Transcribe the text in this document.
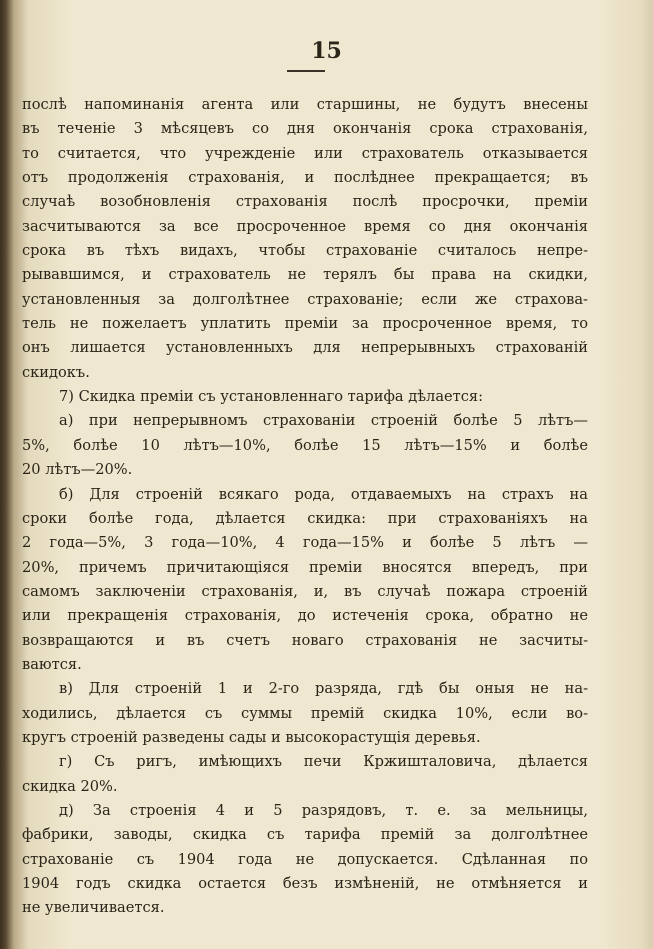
15
послѣ напоминанія агента или старшины, не будутъ внесены
въ теченіе 3 мѣсяцевъ со дня окончанія срока страхованія,
то считается, что учрежденіе или страхователь отказывается
отъ продолженія страхованія, и послѣднее прекращается; въ
случаѣ возобновленія страхованія послѣ просрочки, преміи
засчитываются за все просроченное время со дня окончанія
срока въ тѣхъ видахъ, чтобы страхованіе считалось непре-
рывавшимся, и страхователь не терялъ бы права на скидки,
установленныя за долголѣтнее страхованіе; если же страхова-
тель не пожелаетъ уплатить преміи за просроченное время, то
онъ лишается установленныхъ для непрерывныхъ страхованій
скидокъ.
7) Скидка преміи съ установленнаго тарифа дѣлается:
а) при непрерывномъ страхованіи строеній болѣе 5 лѣтъ—
5%, болѣе 10 лѣтъ—10%, болѣе 15 лѣтъ—15% и болѣе
20 лѣтъ—20%.
б) Для строеній всякаго рода, отдаваемыхъ на страхъ на
сроки болѣе года, дѣлается скидка: при страхованіяхъ на
2 года—5%, 3 года—10%, 4 года—15% и болѣе 5 лѣтъ —
20%, причемъ причитающіяся преміи вносятся впередъ, при
самомъ заключеніи страхованія, и, въ случаѣ пожара строеній
или прекращенія страхованія, до истеченія срока, обратно не
возвращаются и въ счетъ новаго страхованія не засчиты-
ваются.
в) Для строеній 1 и 2-го разряда, гдѣ бы оныя не на-
ходились, дѣлается съ суммы премій скидка 10%, если во-
кругъ строеній разведены сады и высокорастущія деревья.
г) Съ ригъ, имѣющихъ печи Кржиштaловича, дѣлается
скидка 20%.
д) За строенія 4 и 5 разрядовъ, т. е. за мельницы,
фабрики, заводы, скидка съ тарифа премій за долголѣтнее
страхованіе съ 1904 года не допускается. Сдѣланная по
1904 годъ скидка остается безъ измѣненій, не отмѣняется и
не увеличивается.
